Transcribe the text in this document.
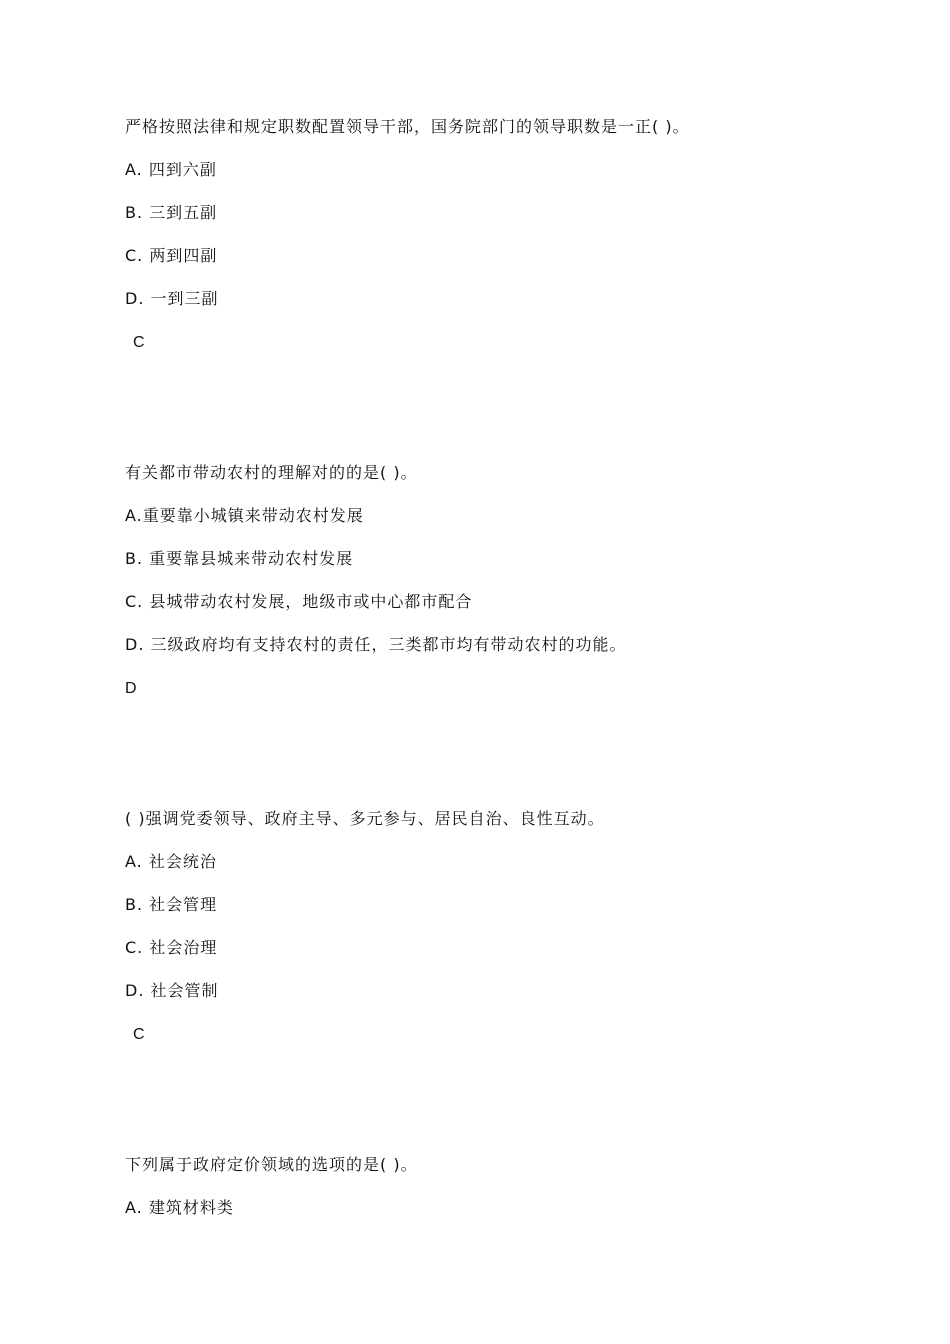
严格按照法律和规定职数配置领导干部，国务院部门的领导职数是一正( )。
A. 四到六副
B. 三到五副
C. 两到四副
D. 一到三副
C
有关都市带动农村的理解对的的是( )。
A.重要靠小城镇来带动农村发展
B. 重要靠县城来带动农村发展
C. 县城带动农村发展，地级市或中心都市配合
D. 三级政府均有支持农村的责任，三类都市均有带动农村的功能。
D
( )强调党委领导、政府主导、多元参与、居民自治、良性互动。
A. 社会统治
B. 社会管理
C. 社会治理
D. 社会管制
C
下列属于政府定价领域的选项的是( )。
A. 建筑材料类
